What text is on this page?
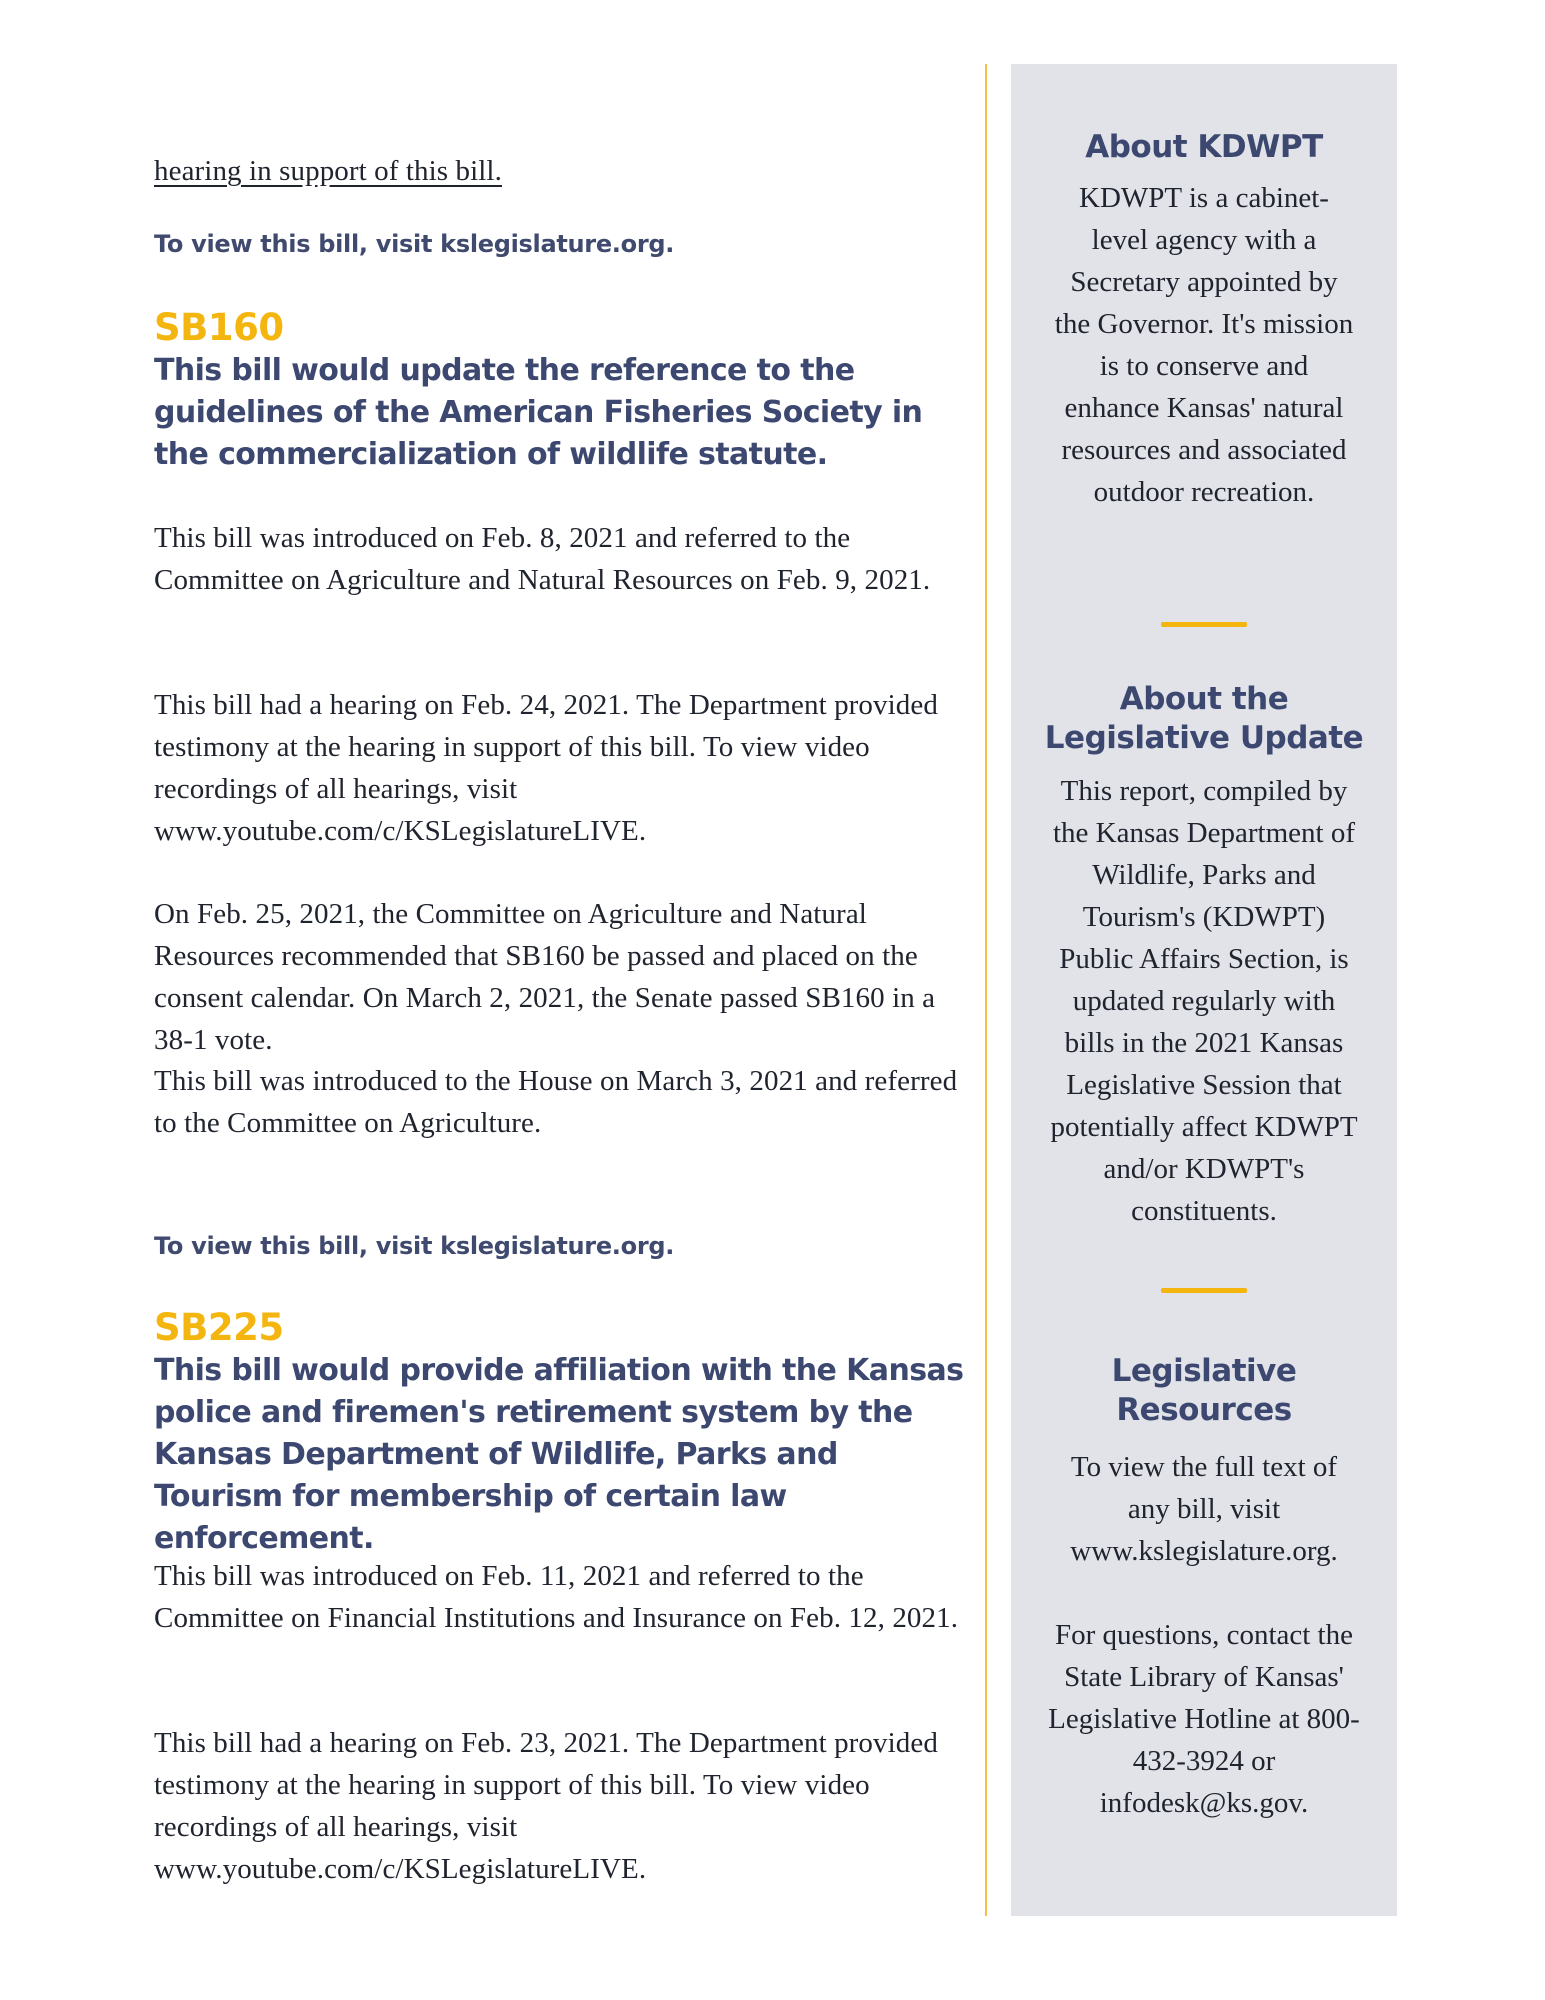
hearing in support of this bill.

To view this bill, visit kslegislature.org.

SB160

This bill would update the reference to the guidelines of the American Fisheries Society in the commercialization of wildlife statute.

This bill was introduced on Feb. 8, 2021 and referred to the Committee on Agriculture and Natural Resources on Feb. 9, 2021.

This bill had a hearing on Feb. 24, 2021. The Department provided testimony at the hearing in support of this bill. To view video recordings of all hearings, visit www.youtube.com/c/KSLegislatureLIVE.

On Feb. 25, 2021, the Committee on Agriculture and Natural Resources recommended that SB160 be passed and placed on the consent calendar. On March 2, 2021, the Senate passed SB160 in a 38-1 vote.

This bill was introduced to the House on March 3, 2021 and referred to the Committee on Agriculture.

To view this bill, visit kslegislature.org.

SB225

This bill would provide affiliation with the Kansas police and firemen's retirement system by the Kansas Department of Wildlife, Parks and Tourism for membership of certain law enforcement.

This bill was introduced on Feb. 11, 2021 and referred to the Committee on Financial Institutions and Insurance on Feb. 12, 2021.

This bill had a hearing on Feb. 23, 2021. The Department provided testimony at the hearing in support of this bill. To view video recordings of all hearings, visit www.youtube.com/c/KSLegislatureLIVE.

About KDWPT

KDWPT is a cabinet-level agency with a Secretary appointed by the Governor. It's mission is to conserve and enhance Kansas' natural resources and associated outdoor recreation.

About the Legislative Update

This report, compiled by the Kansas Department of Wildlife, Parks and Tourism's (KDWPT) Public Affairs Section, is updated regularly with bills in the 2021 Kansas Legislative Session that potentially affect KDWPT and/or KDWPT's constituents.

Legislative Resources

To view the full text of any bill, visit www.kslegislature.org.

For questions, contact the State Library of Kansas' Legislative Hotline at 800-432-3924 or infodesk@ks.gov.
